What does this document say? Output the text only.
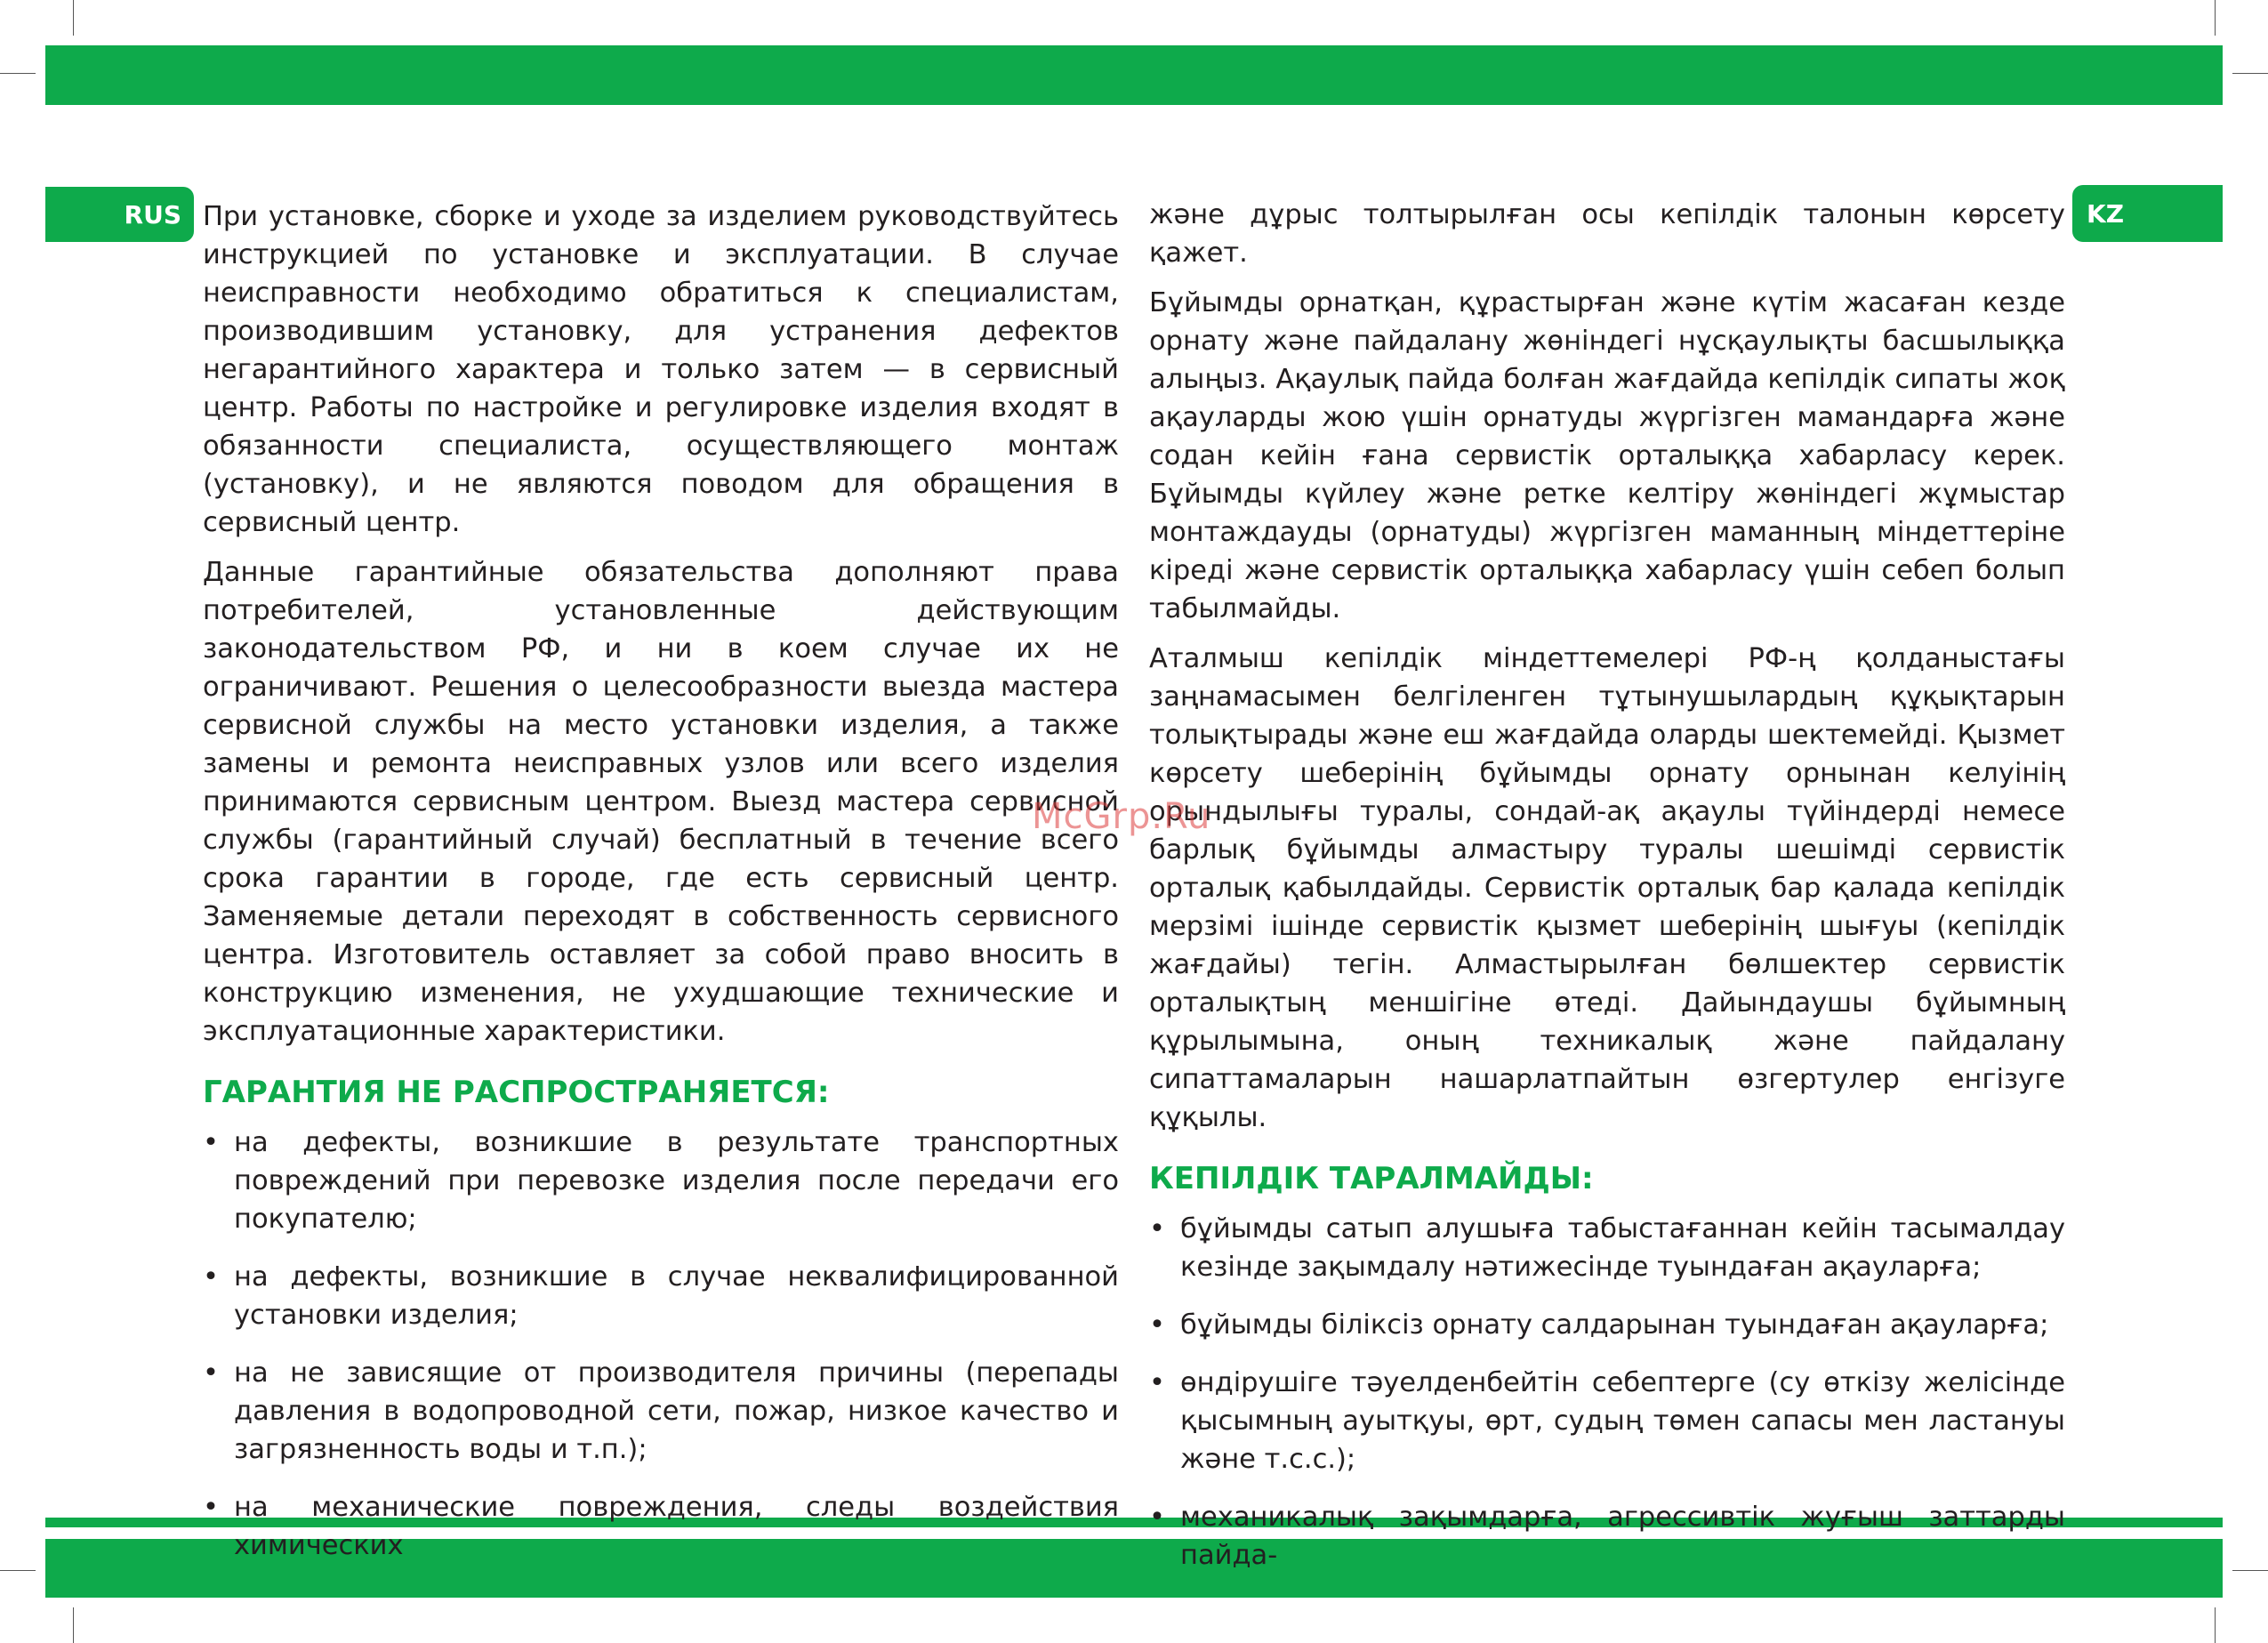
RUS	KZ

При установке, сборке и уходе за изделием руководствуйтесь инструкцией по установке и эксплуатации. В случае неисправности необходимо обратиться к специалистам, производившим установку, для устранения дефектов негарантийного характера и только затем — в сервисный центр. Работы по настройке и регулировке изделия входят в обязанности специалиста, осуществляющего монтаж (установку), и не являются поводом для обращения в сервисный центр.

Данные гарантийные обязательства дополняют права потребителей, установленные действующим законодательством РФ, и ни в коем случае их не ограничивают. Решения о целесообразности выезда мастера сервисной службы на место установки изделия, а также замены и ремонта неисправных узлов или всего изделия принимаются сервисным центром. Выезд мастера сервисной службы (гарантийный случай) бесплатный в течение всего срока гарантии в городе, где есть сервисный центр. Заменяемые детали переходят в собственность сервисного центра. Изготовитель оставляет за собой право вносить в конструкцию изменения, не ухудшающие технические и эксплуатационные характеристики.

ГАРАНТИЯ НЕ РАСПРОСТРАНЯЕТСЯ:
• на дефекты, возникшие в результате транспортных повреждений при перевозке изделия после передачи его покупателю;
• на дефекты, возникшие в случае неквалифицированной установки изделия;
• на не зависящие от производителя причины (перепады давления в водопроводной сети, пожар, низкое качество и загрязненность воды и т.п.);
• на механические повреждения, следы воздействия химических

және дұрыс толтырылған осы кепілдік талонын көрсету қажет.

Бұйымды орнатқан, құрастырған және күтім жасаған кезде орнату және пайдалану жөніндегі нұсқаулықты басшылыққа алыңыз. Ақаулық пайда болған жағдайда кепілдік сипаты жоқ ақауларды жою үшін орнатуды жүргізген мамандарға және содан кейін ғана сервистік орталыққа хабарласу керек. Бұйымды күйлеу және реткe келтіру жөніндегі жұмыстар монтаждауды (орнатуды) жүргізген маманның міндеттеріне кіреді және сервистік орталыққа хабарласу үшін себеп болып табылмайды.

Аталмыш кепілдік міндеттемелері РФ-ң қолданыстағы заңнамасымен белгіленген тұтынушылардың құқықтарын толықтырады және еш жағдайда оларды шектемейді. Қызмет көрсету шеберінің бұйымды орнату орнынан келуінің орындылығы туралы, сондай-ақ ақаулы түйіндерді немесе барлық бұйымды алмастыру туралы шешімді сервистік орталық қабылдайды. Сервистік орталық бар қалада кепілдік мерзімі ішінде сервистік қызмет шеберінің шығуы (кепілдік жағдайы) тегін. Алмастырылған бөлшектер сервистік орталықтың меншігіне өтеді. Дайындаушы бұйымның құрылымына, оның техникалық және пайдалану сипаттамаларын нашарлатпайтын өзгертулер енгізуге құқылы.

КЕПІЛДІК ТАРАЛМАЙДЫ:
• бұйымды сатып алушыға табыстағаннан кейін тасымалдау кезінде зақымдалу нәтижесінде туындаған ақауларға;
• бұйымды біліксіз орнату салдарынан туындаған ақауларға;
• өндірушіге тәуелденбейтін себептерге (су өткізу желісінде қысымның ауытқуы, өрт, судың төмен сапасы мен ластануы және т.с.с.);
• механикалық зақымдарға, агрессивтік жуғыш заттарды пайда-
McGrp.Ru
